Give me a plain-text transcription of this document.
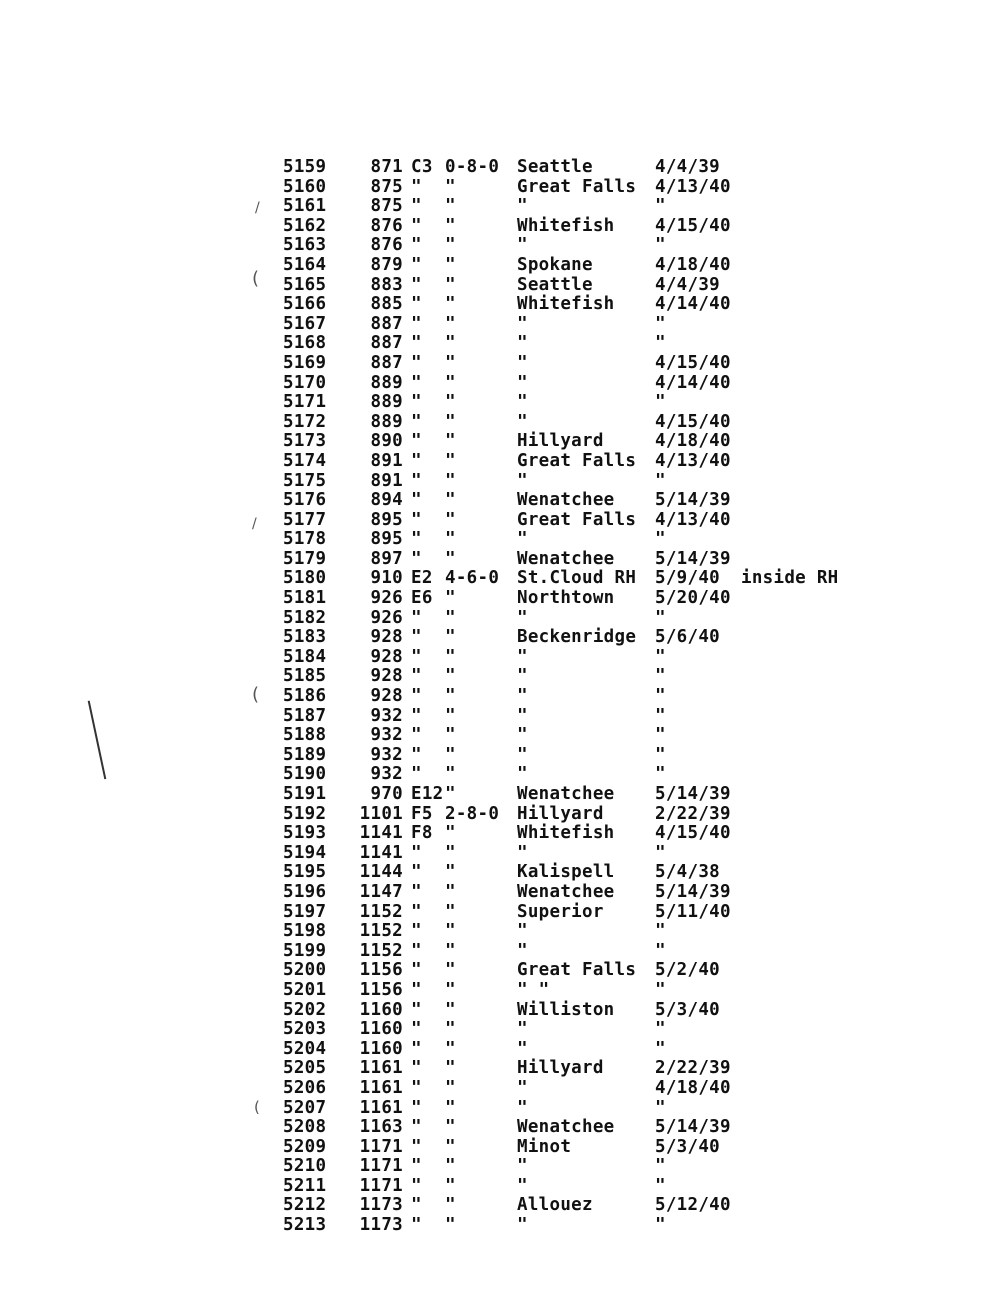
5159	871 C3 0-8-0 Seattle	4/4/39
5160	875 " "	Great Falls 4/13/40
5161	875 " "	"	"
5162	876 " "	Whitefish 4/15/40
5163	876 " "	"	"
5164	879 " "	Spokane	4/18/40
5165	883 " "	Seattle	4/4/39
5166	885 " "	Whitefish 4/14/40
5167	887 " "	"	"
5168	887 " "	"	"
5169	887 " "	"	4/15/40
5170	889 " "	"	4/14/40
5171	889 " "	"	"
5172	889 " "	"	4/15/40
5173	890 " "	Hillyard	4/18/40
5174	891 " "	Great Falls 4/13/40
5175	891 " "	"	"
5176	894 " "	Wenatchee 5/14/39
5177	895 " "	Great Falls 4/13/40
5178	895 " "	"	"
5179	897 " "	Wenatchee 5/14/39
5180	910 E2 4-6-0 St.Cloud RH 5/9/40 inside RH
5181	926 E6 "	Northtown 5/20/40
5182	926 " "	"	"
5183	928 " "	Beckenridge 5/6/40
5184	928 " "	"	"
5185	928 " "	"	"
5186	928 " "	"	"
5187	932 " "	"	"
5188	932 " "	"	"
5189	932 " "	"	"
5190	932 " "	"	"
5191	970 E12 "	Wenatchee 5/14/39
5192	1101 F5 2-8-0 Hillyard	2/22/39
5193	1141 F8 "	Whitefish 4/15/40
5194	1141 " "	"	"
5195	1144 " "	Kalispell 5/4/38
5196	1147 " "	Wenatchee 5/14/39
5197	1152 " "	Superior	5/11/40
5198	1152 " "	"	"
5199	1152 " "	"	"
5200	1156 " "	Great Falls 5/2/40
5201	1156 " "	" "	"
5202	1160 " "	Williston 5/3/40
5203	1160 " "	"	"
5204	1160 " "	"	"
5205	1161 " "	Hillyard	2/22/39
5206	1161 " "	"	4/18/40
5207	1161 " "	"	"
5208	1163 " "	Wenatchee 5/14/39
5209	1171 " "	Minot	5/3/40
5210	1171 " "	"	"
5211	1171 " "	"	"
5212	1173 " "	Allouez	5/12/40
5213	1173 " "	"	"
/
(
/
(
(
